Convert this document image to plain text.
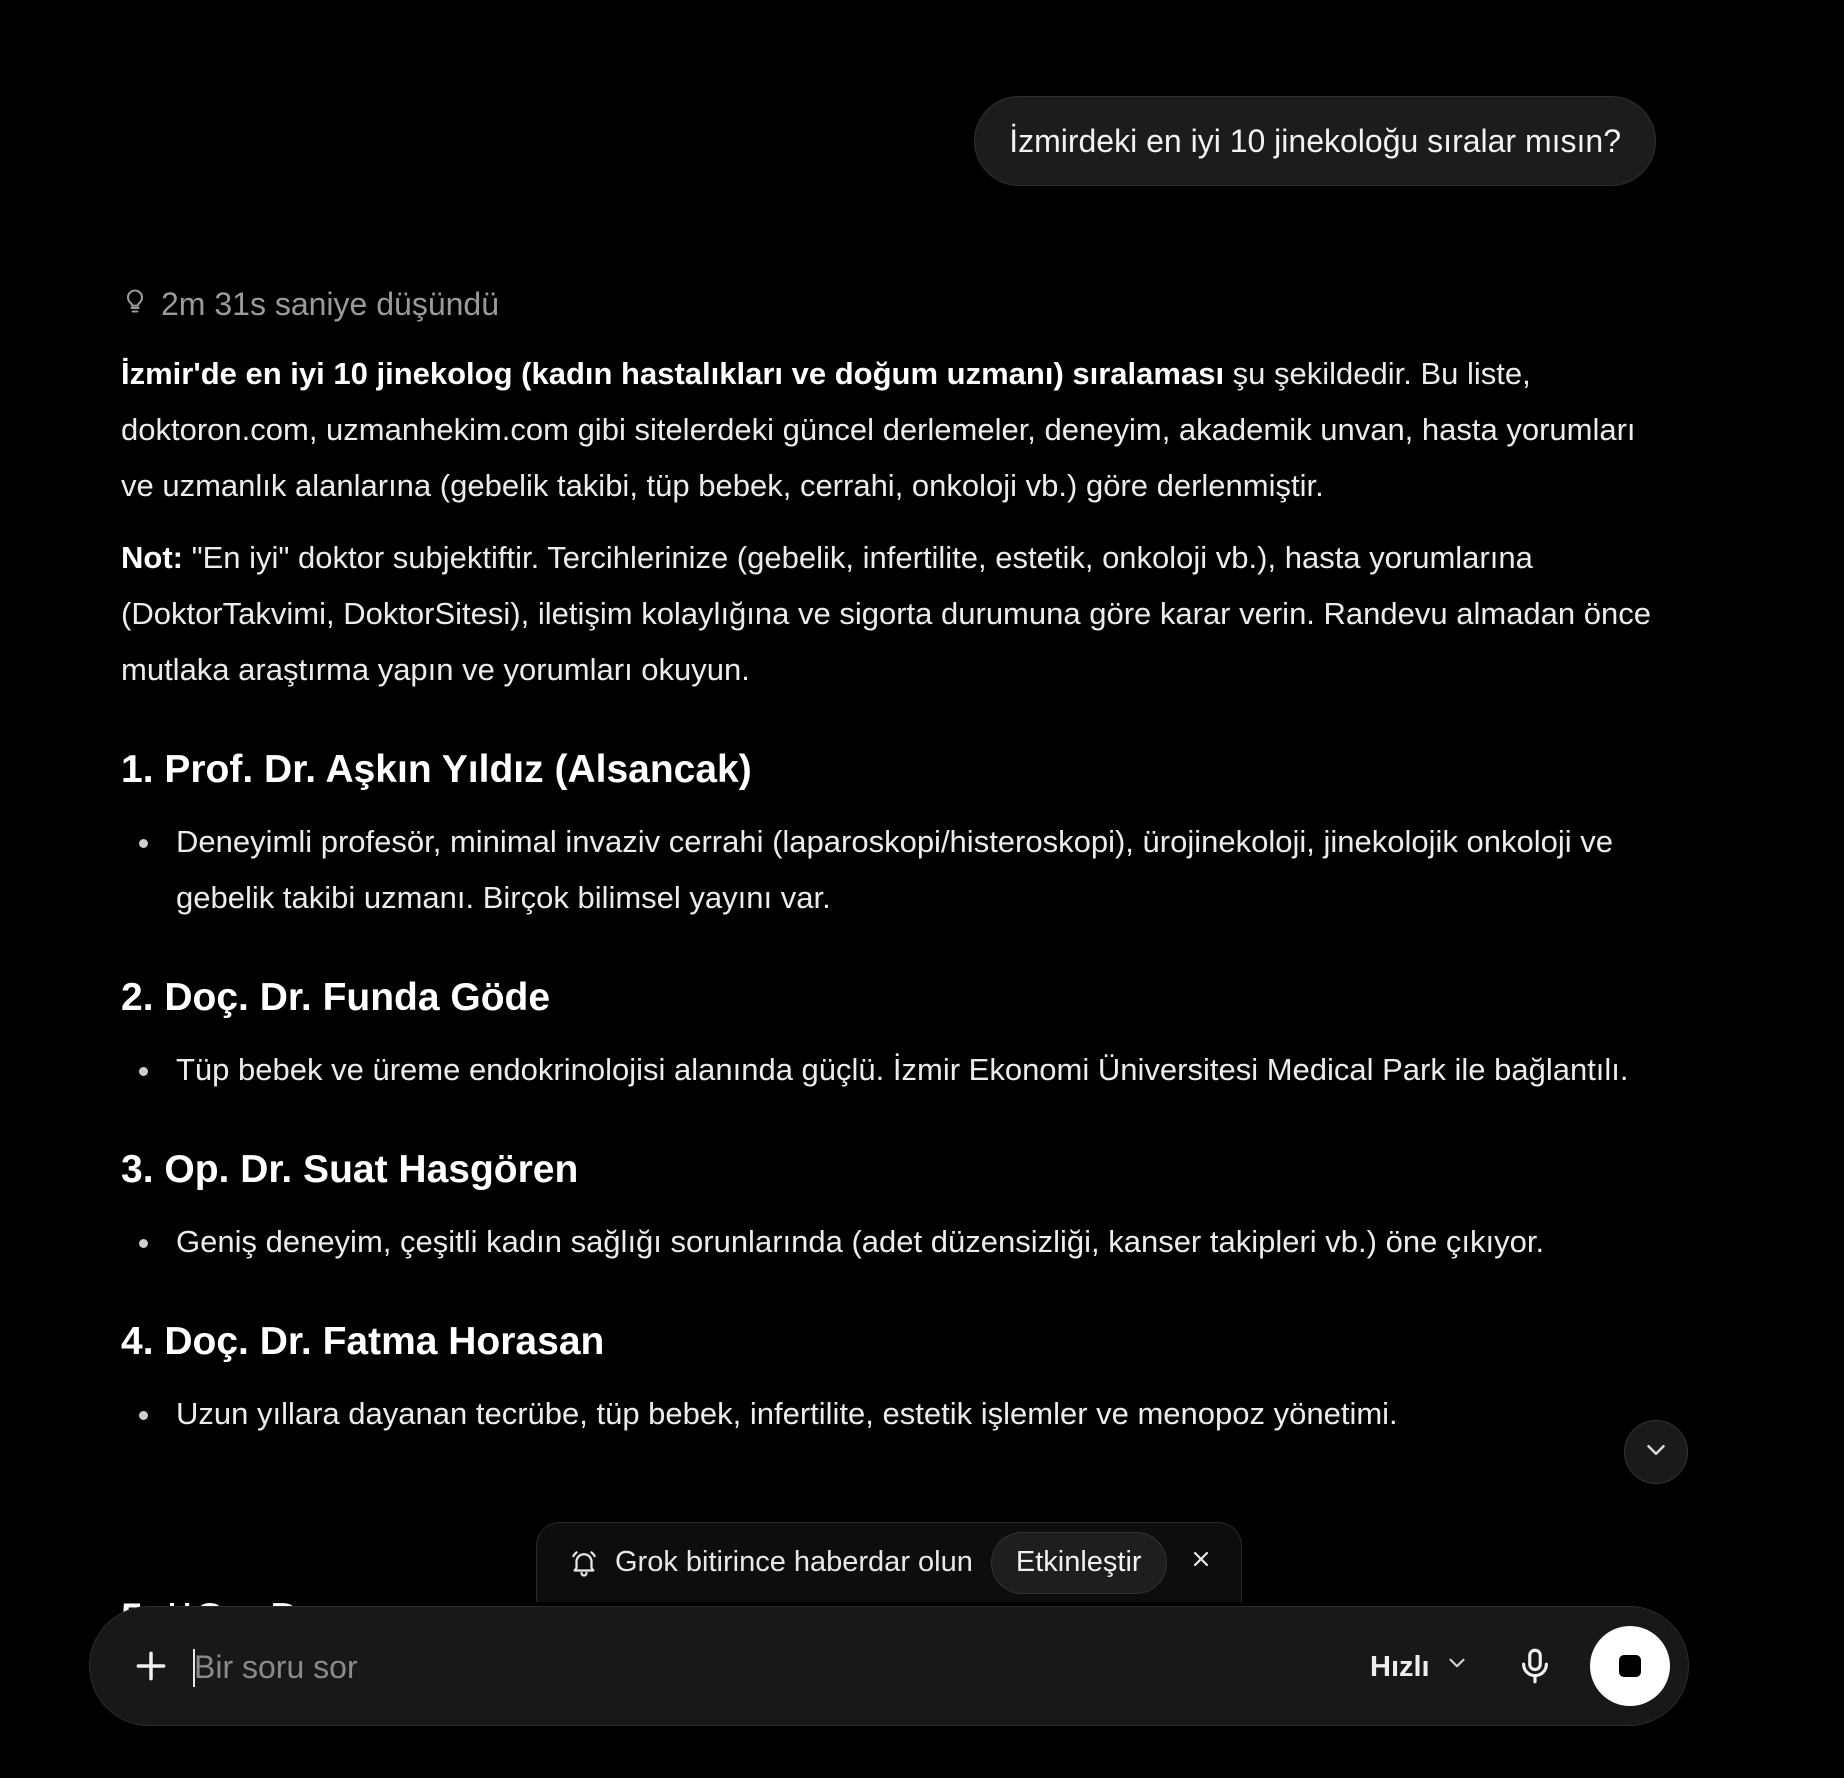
İzmirdeki en iyi 10 jinekoloğu sıralar mısın?
2m 31s saniye düşündü

İzmir'de en iyi 10 jinekolog (kadın hastalıkları ve doğum uzmanı) sıralaması şu şekildedir. Bu liste, doktoron.com, uzmanhekim.com gibi sitelerdeki güncel derlemeler, deneyim, akademik unvan, hasta yorumları ve uzmanlık alanlarına (gebelik takibi, tüp bebek, cerrahi, onkoloji vb.) göre derlenmiştir.

Not: "En iyi" doktor subjektiftir. Tercihlerinize (gebelik, infertilite, estetik, onkoloji vb.), hasta yorumlarına (DoktorTakvimi, DoktorSitesi), iletişim kolaylığına ve sigorta durumuna göre karar verin. Randevu almadan önce mutlaka araştırma yapın ve yorumları okuyun.

1. Prof. Dr. Aşkın Yıldız (Alsancak)
Deneyimli profesör, minimal invaziv cerrahi (laparoskopi/histeroskopi), ürojinekoloji, jinekolojik onkoloji ve gebelik takibi uzmanı. Birçok bilimsel yayını var.
2. Doç. Dr. Funda Göde
Tüp bebek ve üreme endokrinolojisi alanında güçlü. İzmir Ekonomi Üniversitesi Medical Park ile bağlantılı.
3. Op. Dr. Suat Hasgören
Geniş deneyim, çeşitli kadın sağlığı sorunlarında (adet düzensizliği, kanser takipleri vb.) öne çıkıyor.
4. Doç. Dr. Fatma Horasan
Uzun yıllara dayanan tecrübe, tüp bebek, infertilite, estetik işlemler ve menopoz yönetimi.
Grok bitirince haberdar olun Etkinleştir
Bir soru sor
Hızlı
